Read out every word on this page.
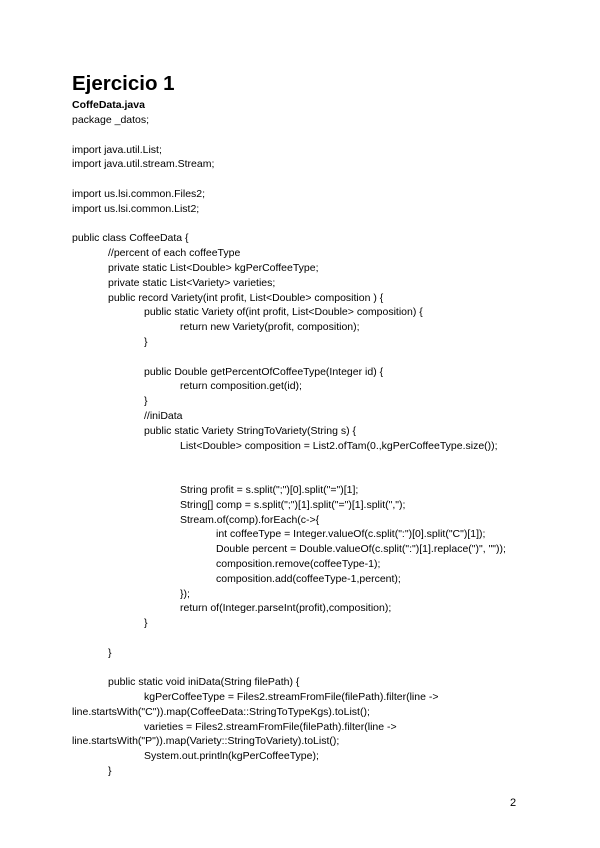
Ejercicio 1
CoffeData.java
package _datos;
import java.util.List;
import java.util.stream.Stream;
import us.lsi.common.Files2;
import us.lsi.common.List2;
public class CoffeeData {
//percent of each coffeeType
private static List<Double> kgPerCoffeeType;
private static List<Variety> varieties;
public record Variety(int profit, List<Double> composition ) {
public static Variety of(int profit, List<Double> composition) {
return new Variety(profit, composition);
}
public Double getPercentOfCoffeeType(Integer id) {
return composition.get(id);
}
//iniData
public static Variety StringToVariety(String s) {
List<Double> composition = List2.ofTam(0.,kgPerCoffeeType.size());
String profit = s.split(";")[0].split("=")[1];
String[] comp = s.split(";")[1].split("=")[1].split(",");
Stream.of(comp).forEach(c->{
int coffeeType = Integer.valueOf(c.split(":")[0].split("C")[1]);
Double percent = Double.valueOf(c.split(":")[1].replace(")", ""));
composition.remove(coffeeType-1);
composition.add(coffeeType-1,percent);
});
return of(Integer.parseInt(profit),composition);
}
}
public static void iniData(String filePath) {
kgPerCoffeeType = Files2.streamFromFile(filePath).filter(line ->
line.startsWith("C")).map(CoffeeData::StringToTypeKgs).toList();
varieties = Files2.streamFromFile(filePath).filter(line ->
line.startsWith("P")).map(Variety::StringToVariety).toList();
System.out.println(kgPerCoffeeType);
}
2
